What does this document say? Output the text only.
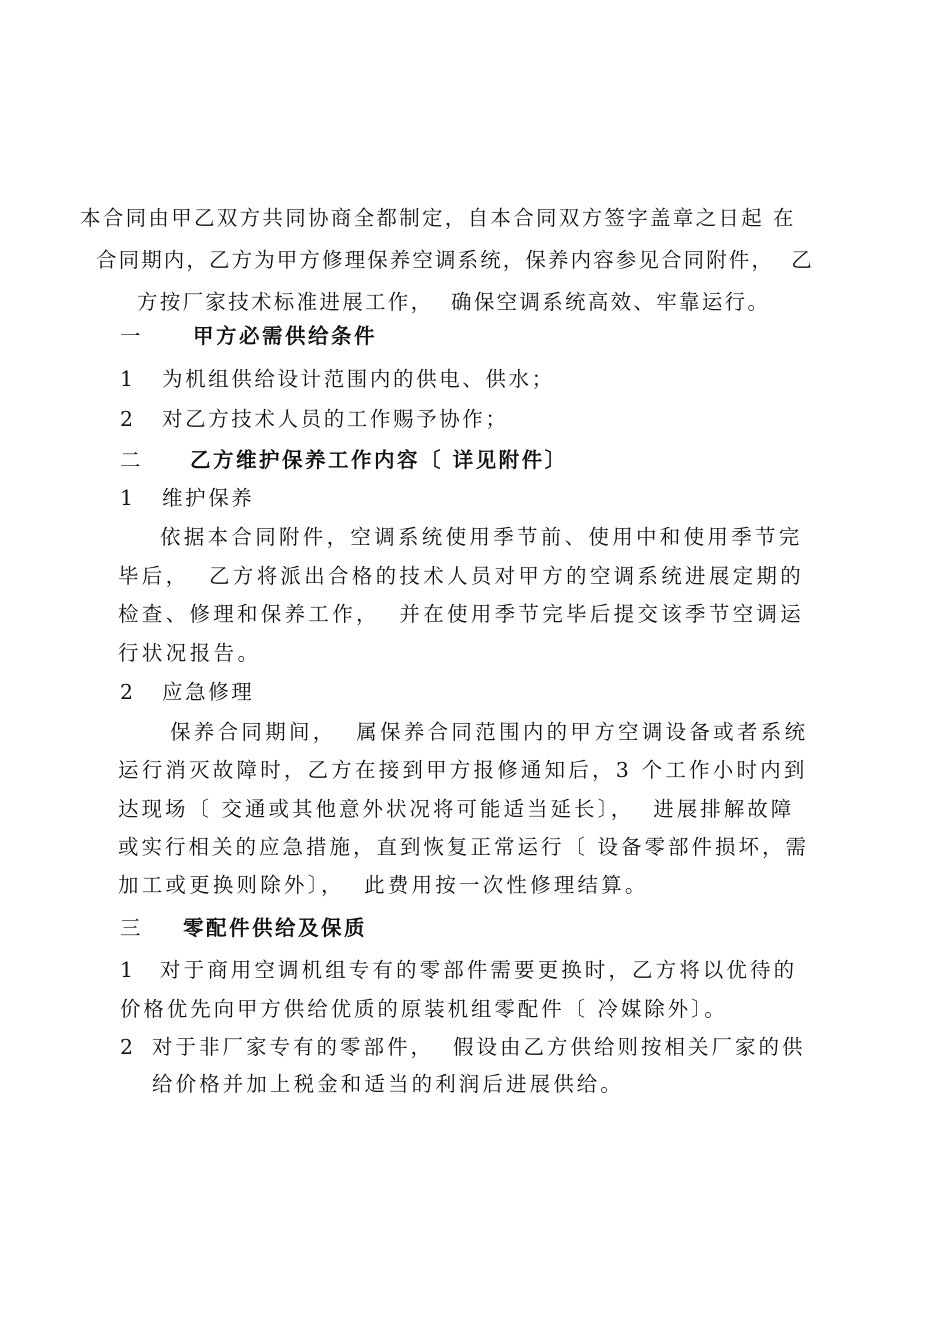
本合同由甲乙双方共同协商全都制定，自本合同双方签字盖章之日起 在
合同期内，乙方为甲方修理保养空调系统，保养内容参见合同附件，  乙
方按厂家技术标准进展工作，  确保空调系统高效、牢靠运行。
一 甲方必需供给条件
1 为机组供给设计范围内的供电、供水；
2 对乙方技术人员的工作赐予协作；
二 乙方维护保养工作内容〔 详见附件〕
1 维护保养
依据本合同附件，空调系统使用季节前、使用中和使用季节完
毕后，  乙方将派出合格的技术人员对甲方的空调系统进展定期的
检查、修理和保养工作，  并在使用季节完毕后提交该季节空调运
行状况报告。
2 应急修理
保养合同期间，  属保养合同范围内的甲方空调设备或者系统
运行消灭故障时，乙方在接到甲方报修通知后，3 个工作小时内到
达现场〔 交通或其他意外状况将可能适当延长〕，  进展排解故障
或实行相关的应急措施，直到恢复正常运行〔 设备零部件损坏，需
加工或更换则除外〕，  此费用按一次性修理结算。
三 零配件供给及保质
1 对于商用空调机组专有的零部件需要更换时，乙方将以优待的
价格优先向甲方供给优质的原装机组零配件〔 冷媒除外〕。
2 对于非厂家专有的零部件，  假设由乙方供给则按相关厂家的供
给价格并加上税金和适当的利润后进展供给。
